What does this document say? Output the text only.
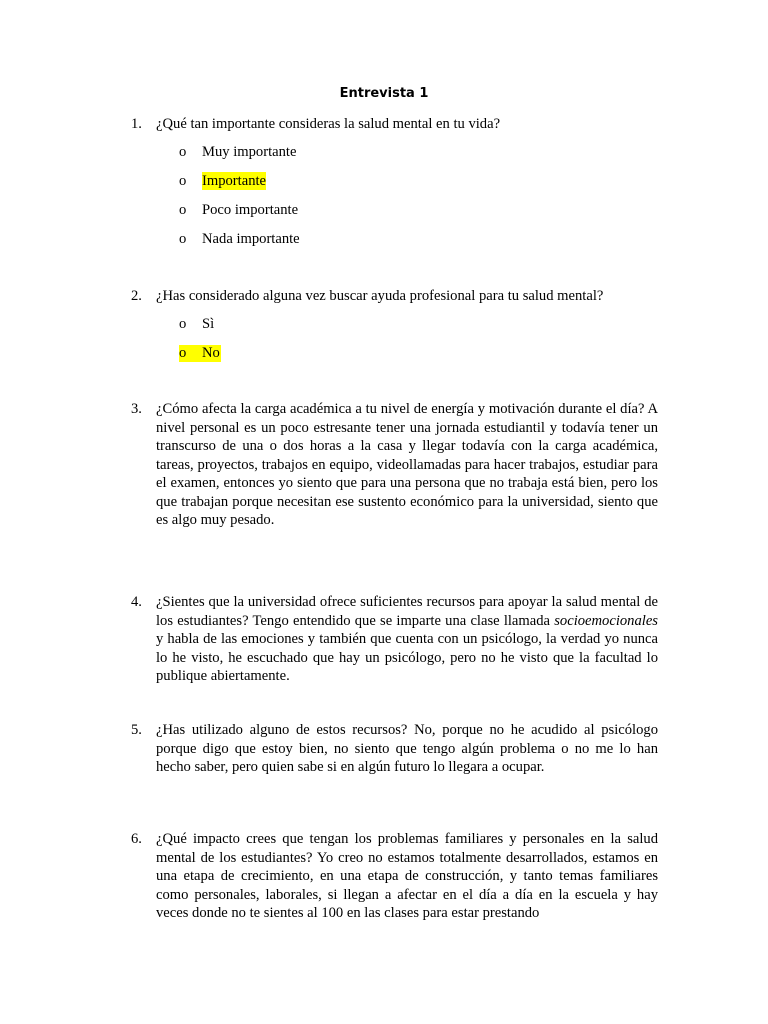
Entrevista 1
1. ¿Qué tan importante consideras la salud mental en tu vida?
o Muy importante
o Importante
o Poco importante
o Nada importante
2. ¿Has considerado alguna vez buscar ayuda profesional para tu salud mental?
o Sì
o No
3. ¿Cómo afecta la carga académica a tu nivel de energía y motivación durante el día? A nivel personal es un poco estresante tener una jornada estudiantil y todavía tener un transcurso de una o dos horas a la casa y llegar todavía con la carga académica, tareas, proyectos, trabajos en equipo, videollamadas para hacer trabajos, estudiar para el examen, entonces yo siento que para una persona que no trabaja está bien, pero los que trabajan porque necesitan ese sustento económico para la universidad, siento que es algo muy pesado.
4. ¿Sientes que la universidad ofrece suficientes recursos para apoyar la salud mental de los estudiantes? Tengo entendido que se imparte una clase llamada socioemocionales y habla de las emociones y también que cuenta con un psicólogo, la verdad yo nunca lo he visto, he escuchado que hay un psicólogo, pero no he visto que la facultad lo publique abiertamente.
5. ¿Has utilizado alguno de estos recursos? No, porque no he acudido al psicólogo porque digo que estoy bien, no siento que tengo algún problema o no me lo han hecho saber, pero quien sabe si en algún futuro lo llegara a ocupar.
6. ¿Qué impacto crees que tengan los problemas familiares y personales en la salud mental de los estudiantes? Yo creo no estamos totalmente desarrollados, estamos en una etapa de crecimiento, en una etapa de construcción, y tanto temas familiares como personales, laborales, si llegan a afectar en el día a día en la escuela y hay veces donde no te sientes al 100 en las clases para estar prestando
